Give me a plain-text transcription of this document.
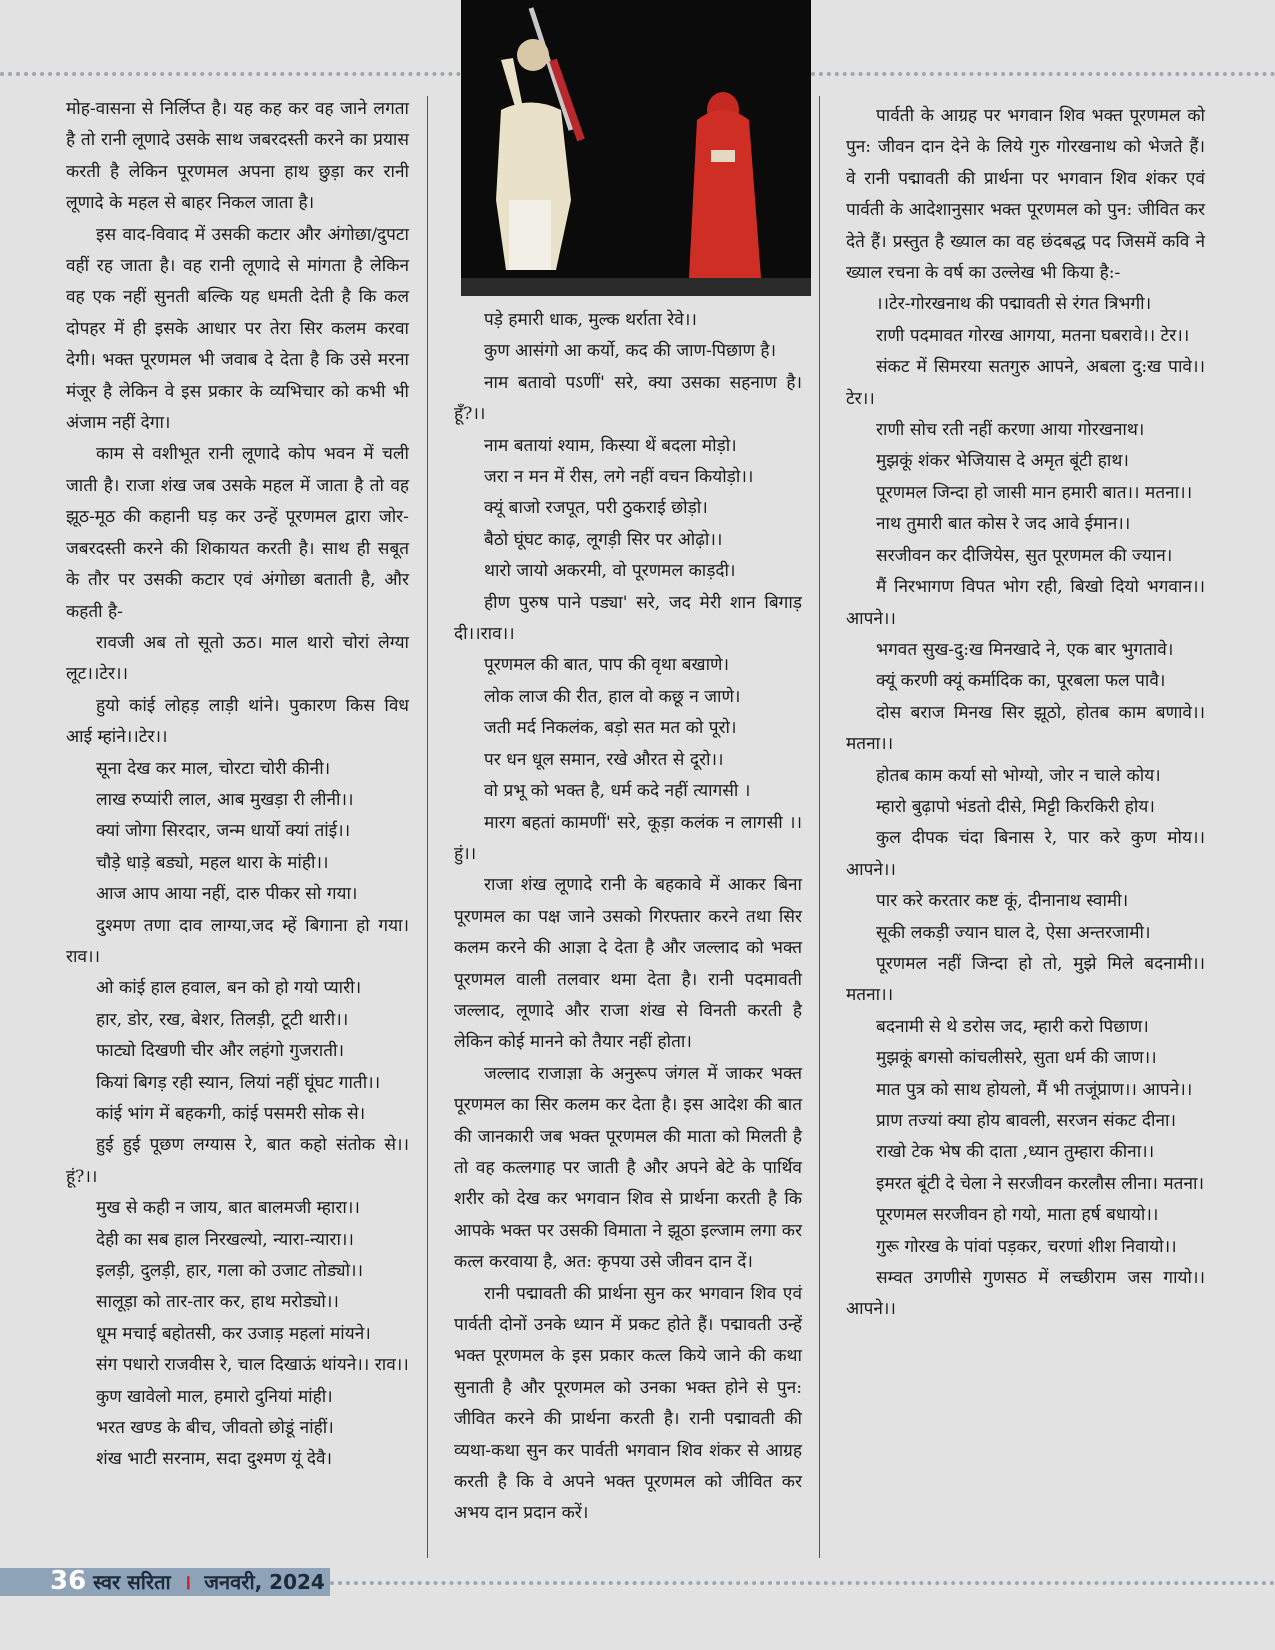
मोह-वासना से निर्लिप्त है। यह कह कर वह जाने लगता है तो रानी लूणादे उसके साथ जबरदस्ती करने का प्रयास करती है लेकिन पूरणमल अपना हाथ छुड़ा कर रानी लूणादे के महल से बाहर निकल जाता है।

इस वाद-विवाद में उसकी कटार और अंगोछा/दुपटा वहीं रह जाता है। वह रानी लूणादे से मांगता है लेकिन वह एक नहीं सुनती बल्कि यह धमती देती है कि कल दोपहर में ही इसके आधार पर तेरा सिर कलम करवा देगी। भक्त पूरणमल भी जवाब दे देता है कि उसे मरना मंजूर है लेकिन वे इस प्रकार के व्यभिचार को कभी भी अंजाम नहीं देगा।

काम से वशीभूत रानी लूणादे कोप भवन में चली जाती है। राजा शंख जब उसके महल में जाता है तो वह झूठ-मूठ की कहानी घड़ कर उन्हें पूरणमल द्वारा जोर-जबरदस्ती करने की शिकायत करती है। साथ ही सबूत के तौर पर उसकी कटार एवं अंगोछा बताती है, और कहती है-

रावजी अब तो सूतो ऊठ। माल थारो चोरां लेग्या लूट।।टेर।।

हुयो कांई लोहड़ लाड़ी थांने। पुकारण किस विध आई म्हांने।।टेर।।

सूना देख कर माल, चोरटा चोरी कीनी।

लाख रुप्यांरी लाल, आब मुखड़ा री लीनी।।

क्यां जोगा सिरदार, जन्म धार्यो क्यां तांई।।

चौड़े धाड़े बड्यो, महल थारा के मांही।।

आज आप आया नहीं, दारु पीकर सो गया।

दुश्मण तणा दाव लाग्या,जद म्हें बिगाना हो गया।राव।।

ओ कांई हाल हवाल, बन को हो गयो प्यारी।

हार, डोर, रख, बेशर, तिलड़ी, टूटी थारी।।

फाट्यो दिखणी चीर और लहंगो गुजराती।

कियां बिगड़ रही स्यान, लियां नहीं घूंघट गाती।।

कांई भांग में बहकगी, कांई पसमरी सोक से।

हुई हुई पूछण लग्यास रे, बात कहो संतोक से।। हूं?।।

मुख से कही न जाय, बात बालमजी म्हारा।।

देही का सब हाल निरखल्यो, न्यारा-न्यारा।।

इलड़ी, दुलड़ी, हार, गला को उजाट तोड्यो।।

सालूड़ा को तार-तार कर, हाथ मरोड्यो।।

धूम मचाई बहोतसी, कर उजाड़ महलां मांयने।

संग पधारो राजवीस रे, चाल दिखाऊं थांयने।। राव।।

कुण खावेलो माल, हमारो दुनियां मांही।

भरत खण्ड के बीच, जीवतो छोडूं नांहीं।

शंख भाटी सरनाम, सदा दुश्मण यूं देवै।

पड़े हमारी धाक, मुल्क थर्राता रेवे।।

कुण आसंगो आ कर्यो, कद की जाण-पिछाण है।

नाम बतावो पऽणीं' सरे, क्या उसका सहनाण है। हूँ?।।

नाम बतायां श्याम, किस्या थें बदला मोड़ो।

जरा न मन में रीस, लगे नहीं वचन कियोड़ो।।

क्यूं बाजो रजपूत, परी ठुकराई छोड़ो।

बैठो घूंघट काढ़, लूगड़ी सिर पर ओढ़ो।।

थारो जायो अकरमी, वो पूरणमल काड़दी।

हीण पुरुष पाने पड्या' सरे, जद मेरी शान बिगाड़ दी।।राव।।

पूरणमल की बात, पाप की वृथा बखाणे।

लोक लाज की रीत, हाल वो कछू न जाणे।

जती मर्द निकलंक, बड़ो सत मत को पूरो।

पर धन धूल समान, रखे औरत से दूरो।।

वो प्रभू को भक्त है, धर्म कदे नहीं त्यागसी ।

मारग बहतां कामणीं' सरे, कूड़ा कलंक न लागसी ।।हुं।।

राजा शंख लूणादे रानी के बहकावे में आकर बिना पूरणमल का पक्ष जाने उसको गिरफ्तार करने तथा सिर कलम करने की आज्ञा दे देता है और जल्लाद को भक्त पूरणमल वाली तलवार थमा देता है। रानी पदमावती जल्लाद, लूणादे और राजा शंख से विनती करती है लेकिन कोई मानने को तैयार नहीं होता।

जल्लाद राजाज्ञा के अनुरूप जंगल में जाकर भक्त पूरणमल का सिर कलम कर देता है। इस आदेश की बात की जानकारी जब भक्त पूरणमल की माता को मिलती है तो वह कत्लगाह पर जाती है और अपने बेटे के पार्थिव शरीर को देख कर भगवान शिव से प्रार्थना करती है कि आपके भक्त पर उसकी विमाता ने झूठा इल्जाम लगा कर कत्ल करवाया है, अत: कृपया उसे जीवन दान दें।

रानी पद्मावती की प्रार्थना सुन कर भगवान शिव एवं पार्वती दोनों उनके ध्यान में प्रकट होते हैं। पद्मावती उन्हें भक्त पूरणमल के इस प्रकार कत्ल किये जाने की कथा सुनाती है और पूरणमल को उनका भक्त होने से पुन: जीवित करने की प्रार्थना करती है। रानी पद्मावती की व्यथा-कथा सुन कर पार्वती भगवान शिव शंकर से आग्रह करती है कि वे अपने भक्त पूरणमल को जीवित कर अभय दान प्रदान करें।

पार्वती के आग्रह पर भगवान शिव भक्त पूरणमल को पुन: जीवन दान देने के लिये गुरु गोरखनाथ को भेजते हैं। वे रानी पद्मावती की प्रार्थना पर भगवान शिव शंकर एवं पार्वती के आदेशानुसार भक्त पूरणमल को पुन: जीवित कर देते हैं। प्रस्तुत है ख्याल का वह छंदबद्ध पद जिसमें कवि ने ख्याल रचना के वर्ष का उल्लेख भी किया है:-

।।टेर-गोरखनाथ की पद्मावती से रंगत त्रिभगी।

राणी पदमावत गोरख आगया, मतना घबरावे।। टेर।।

संकट में सिमरया सतगुरु आपने, अबला दु:ख पावे।।टेर।।

राणी सोच रती नहीं करणा आया गोरखनाथ।

मुझकूं शंकर भेजियास दे अमृत बूंटी हाथ।

पूरणमल जिन्दा हो जासी मान हमारी बात।। मतना।।

नाथ तुमारी बात कोस रे जद आवे ईमान।।

सरजीवन कर दीजियेस, सुत पूरणमल की ज्यान।

मैं निरभागण विपत भोग रही, बिखो दियो भगवान।।आपने।।

भगवत सुख-दु:ख मिनखादे ने, एक बार भुगतावे।

क्यूं करणी क्यूं कर्मादिक का, पूरबला फल पावै।

दोस बराज मिनख सिर झूठो, होतब काम बणावे।। मतना।।

होतब काम कर्या सो भोग्यो, जोर न चाले कोय।

म्हारो बुढ़ापो भंडतो दीसे, मिट्टी किरकिरी होय।

कुल दीपक चंदा बिनास रे, पार करे कुण मोय।। आपने।।

पार करे करतार कष्ट कूं, दीनानाथ स्वामी।

सूकी लकड़ी ज्यान घाल दे, ऐसा अन्तरजामी।

पूरणमल नहीं जिन्दा हो तो, मुझे मिले बदनामी।। मतना।।

बदनामी से थे डरोस जद, म्हारी करो पिछाण।

मुझकूं बगसो कांचलीसरे, सुता धर्म की जाण।।

मात पुत्र को साथ होयलो, मैं भी तजूंप्राण।। आपने।।

प्राण तज्यां क्या होय बावली, सरजन संकट दीना।

राखो टेक भेष की दाता ,ध्यान तुम्हारा कीना।।

इमरत बूंटी दे चेला ने सरजीवन करलौस लीना। मतना।

पूरणमल सरजीवन हो गयो, माता हर्ष बधायो।।

गुरू गोरख के पांवां पड़कर, चरणां शीश निवायो।।

सम्वत उगणीसे गुणसठ में लच्छीराम जस गायो।। आपने।।

36 स्वर सरिता । जनवरी, 2024
